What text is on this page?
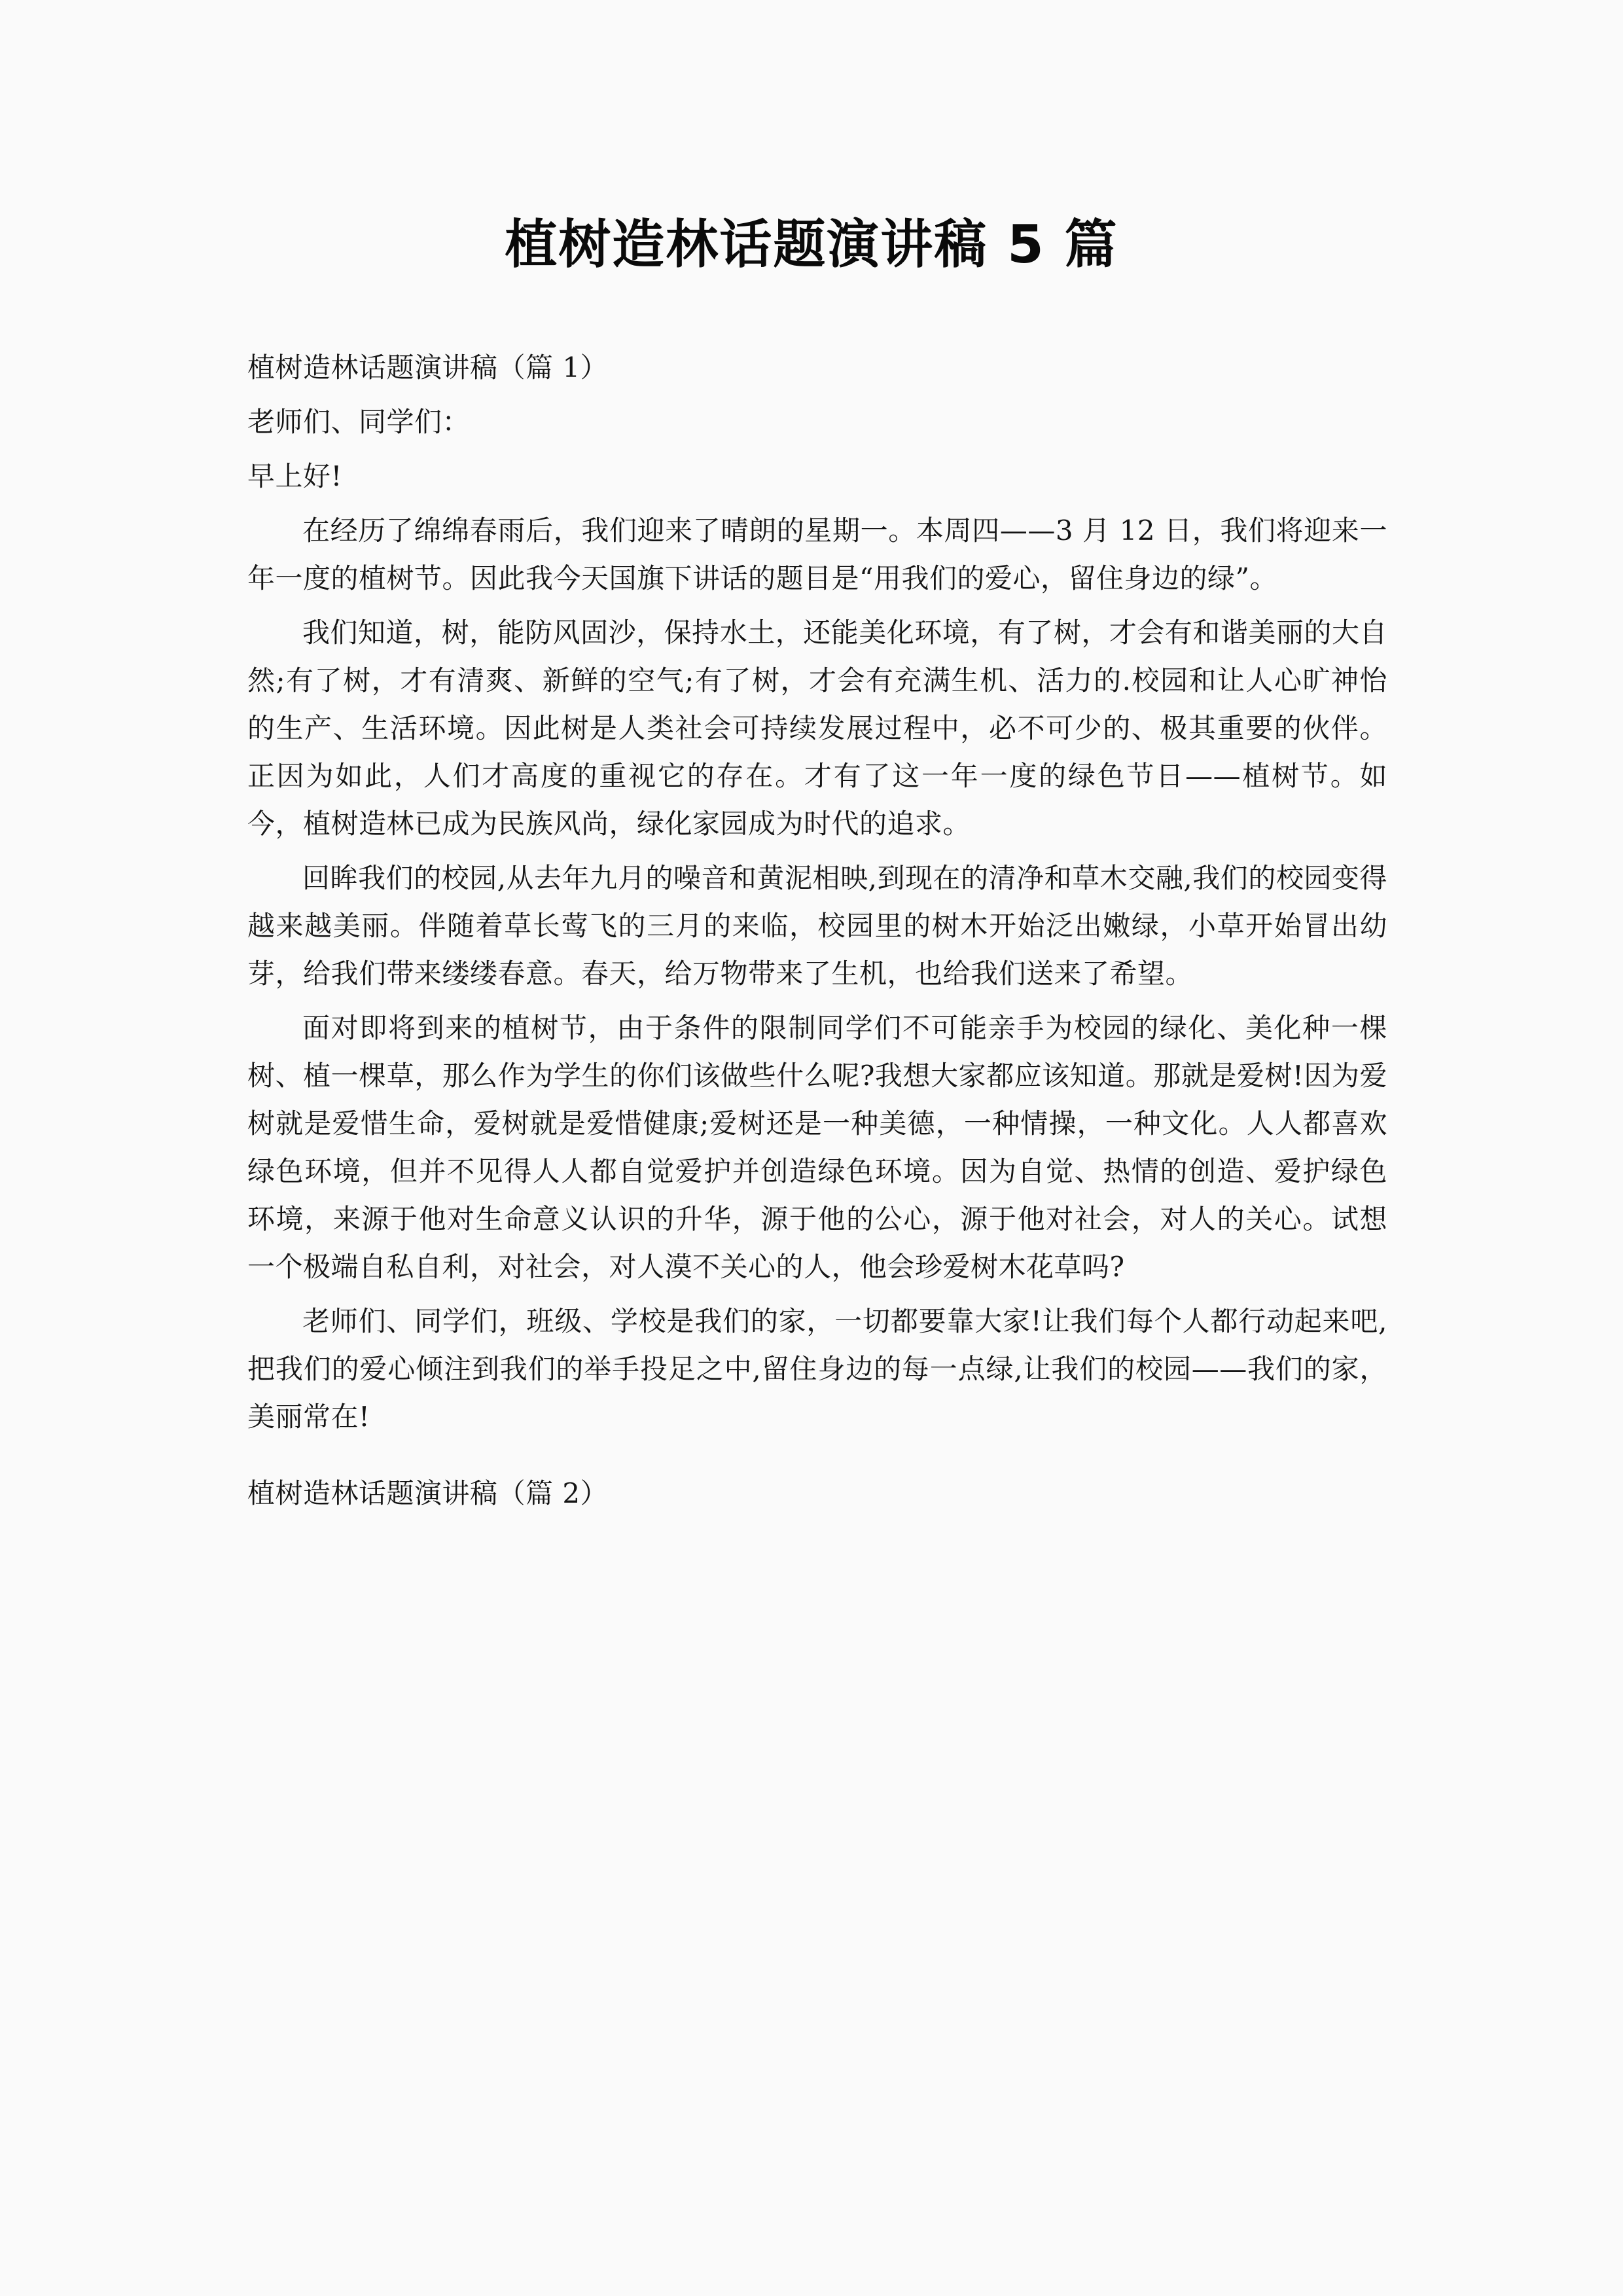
植树造林话题演讲稿 5 篇

植树造林话题演讲稿（篇 1）

老师们、同学们：

早上好!

在经历了绵绵春雨后，我们迎来了晴朗的星期一。本周四——3 月 12 日，我们将迎来一年一度的植树节。因此我今天国旗下讲话的题目是“用我们的爱心，留住身边的绿”。

我们知道，树，能防风固沙，保持水土，还能美化环境，有了树，才会有和谐美丽的大自然;有了树，才有清爽、新鲜的空气;有了树，才会有充满生机、活力的.校园和让人心旷神怡的生产、生活环境。因此树是人类社会可持续发展过程中，必不可少的、极其重要的伙伴。正因为如此，人们才高度的重视它的存在。才有了这一年一度的绿色节日——植树节。如今，植树造林已成为民族风尚，绿化家园成为时代的追求。

回眸我们的校园,从去年九月的噪音和黄泥相映,到现在的清净和草木交融,我们的校园变得越来越美丽。伴随着草长莺飞的三月的来临，校园里的树木开始泛出嫩绿，小草开始冒出幼芽，给我们带来缕缕春意。春天，给万物带来了生机，也给我们送来了希望。

面对即将到来的植树节，由于条件的限制同学们不可能亲手为校园的绿化、美化种一棵树、植一棵草，那么作为学生的你们该做些什么呢?我想大家都应该知道。那就是爱树!因为爱树就是爱惜生命，爱树就是爱惜健康;爱树还是一种美德，一种情操，一种文化。人人都喜欢绿色环境，但并不见得人人都自觉爱护并创造绿色环境。因为自觉、热情的创造、爱护绿色环境，来源于他对生命意义认识的升华，源于他的公心，源于他对社会，对人的关心。试想一个极端自私自利，对社会，对人漠不关心的人，他会珍爱树木花草吗?

老师们、同学们，班级、学校是我们的家，一切都要靠大家!让我们每个人都行动起来吧,把我们的爱心倾注到我们的举手投足之中,留住身边的每一点绿,让我们的校园——我们的家，美丽常在!

植树造林话题演讲稿（篇 2）
